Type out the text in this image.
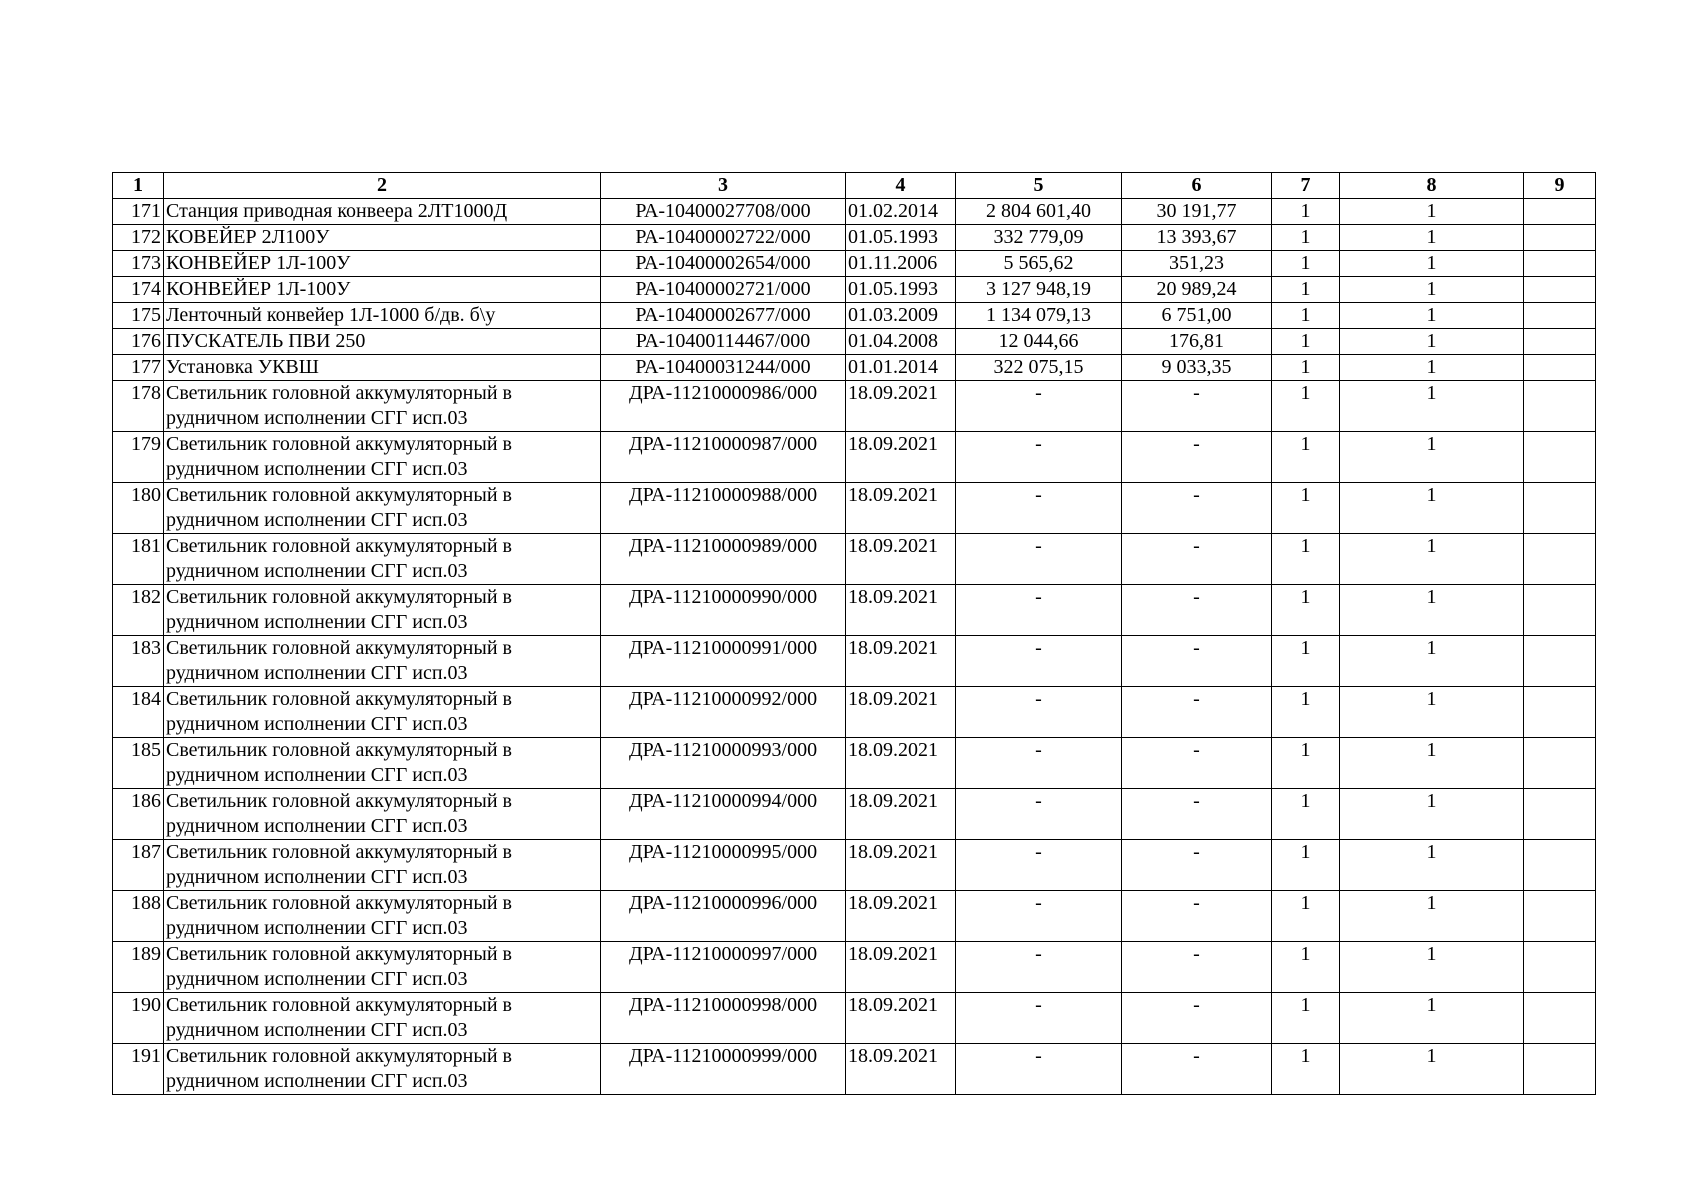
1	2	3	4	5	6	7	8	9
171	Станция приводная конвеера 2ЛТ1000Д	РА-10400027708/000	01.02.2014	2 804 601,40	30 191,77	1	1	
172	КОВЕЙЕР 2Л100У	РА-10400002722/000	01.05.1993	332 779,09	13 393,67	1	1	
173	КОНВЕЙЕР 1Л-100У	РА-10400002654/000	01.11.2006	5 565,62	351,23	1	1	
174	КОНВЕЙЕР 1Л-100У	РА-10400002721/000	01.05.1993	3 127 948,19	20 989,24	1	1	
175	Ленточный конвейер 1Л-1000 б/дв. б\у	РА-10400002677/000	01.03.2009	1 134 079,13	6 751,00	1	1	
176	ПУСКАТЕЛЬ ПВИ 250	РА-10400114467/000	01.04.2008	12 044,66	176,81	1	1	
177	Установка УКВШ	РА-10400031244/000	01.01.2014	322 075,15	9 033,35	1	1	
178	Светильник головной аккумуляторный в рудничном исполнении СГГ исп.03	ДРА-11210000986/000	18.09.2021	-	-	1	1	
179	Светильник головной аккумуляторный в рудничном исполнении СГГ исп.03	ДРА-11210000987/000	18.09.2021	-	-	1	1	
180	Светильник головной аккумуляторный в рудничном исполнении СГГ исп.03	ДРА-11210000988/000	18.09.2021	-	-	1	1	
181	Светильник головной аккумуляторный в рудничном исполнении СГГ исп.03	ДРА-11210000989/000	18.09.2021	-	-	1	1	
182	Светильник головной аккумуляторный в рудничном исполнении СГГ исп.03	ДРА-11210000990/000	18.09.2021	-	-	1	1	
183	Светильник головной аккумуляторный в рудничном исполнении СГГ исп.03	ДРА-11210000991/000	18.09.2021	-	-	1	1	
184	Светильник головной аккумуляторный в рудничном исполнении СГГ исп.03	ДРА-11210000992/000	18.09.2021	-	-	1	1	
185	Светильник головной аккумуляторный в рудничном исполнении СГГ исп.03	ДРА-11210000993/000	18.09.2021	-	-	1	1	
186	Светильник головной аккумуляторный в рудничном исполнении СГГ исп.03	ДРА-11210000994/000	18.09.2021	-	-	1	1	
187	Светильник головной аккумуляторный в рудничном исполнении СГГ исп.03	ДРА-11210000995/000	18.09.2021	-	-	1	1	
188	Светильник головной аккумуляторный в рудничном исполнении СГГ исп.03	ДРА-11210000996/000	18.09.2021	-	-	1	1	
189	Светильник головной аккумуляторный в рудничном исполнении СГГ исп.03	ДРА-11210000997/000	18.09.2021	-	-	1	1	
190	Светильник головной аккумуляторный в рудничном исполнении СГГ исп.03	ДРА-11210000998/000	18.09.2021	-	-	1	1	
191	Светильник головной аккумуляторный в рудничном исполнении СГГ исп.03	ДРА-11210000999/000	18.09.2021	-	-	1	1	
